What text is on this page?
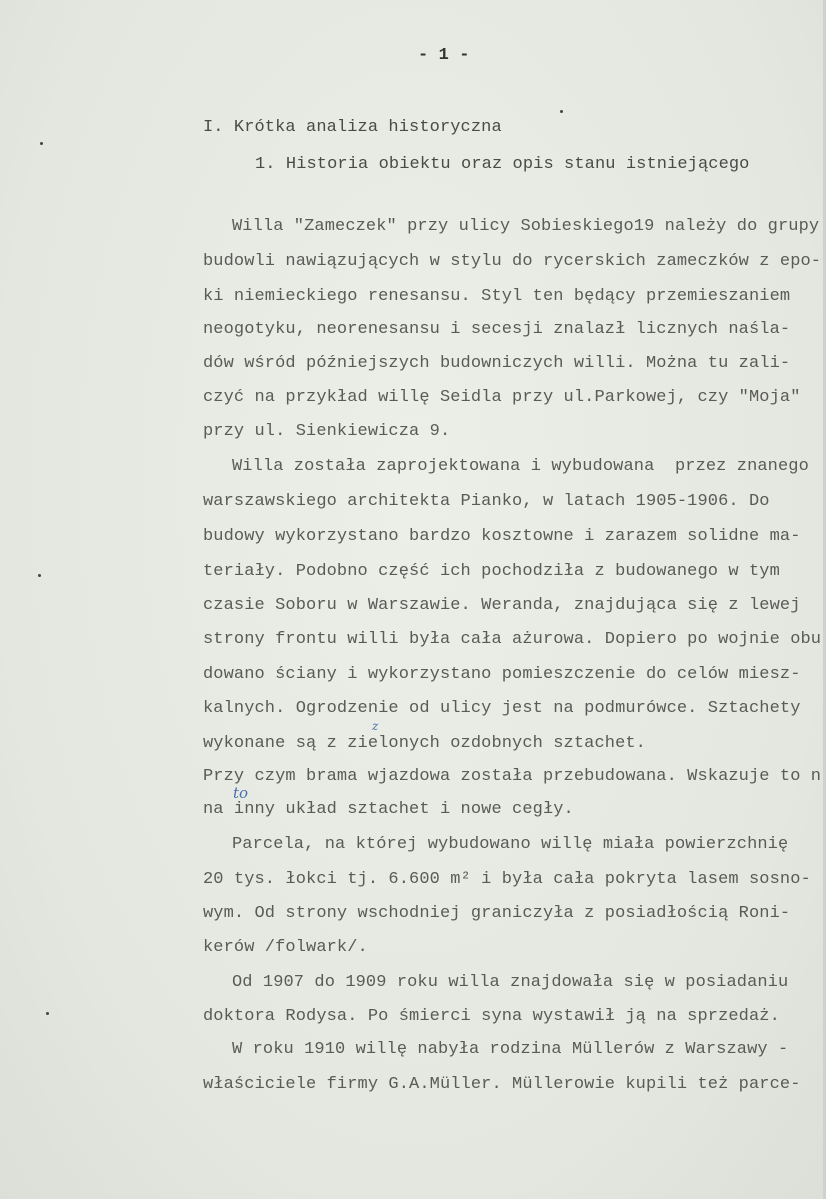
- 1 -
I. Krótka analiza historyczna
1. Historia obiektu oraz opis stanu istniejącego
Willa "Zameczek" przy ulicy Sobieskiego19 należy do grupy
budowli nawiązujących w stylu do rycerskich zameczków z epo-
ki niemieckiego renesansu. Styl ten będący przemieszaniem
neogotyku, neorenesansu i secesji znalazł licznych naśla-
dów wśród późniejszych budowniczych willi. Można tu zali-
czyć na przykład willę Seidla przy ul.Parkowej, czy "Moja"
przy ul. Sienkiewicza 9.
Willa została zaprojektowana i wybudowana  przez znanego
warszawskiego architekta Pianko, w latach 1905-1906. Do
budowy wykorzystano bardzo kosztowne i zarazem solidne ma-
teriały. Podobno część ich pochodziła z budowanego w tym
czasie Soboru w Warszawie. Weranda, znajdująca się z lewej
strony frontu willi była cała ażurowa. Dopiero po wojnie obu
dowano ściany i wykorzystano pomieszczenie do celów miesz-
kalnych. Ogrodzenie od ulicy jest na podmurówce. Sztachety
wykonane są z zielonych ozdobnych sztachet.
Przy czym brama wjazdowa została przebudowana. Wskazuje to n
na inny układ sztachet i nowe cegły.
Parcela, na której wybudowano willę miała powierzchnię
20 tys. łokci tj. 6.600 m² i była cała pokryta lasem sosno-
wym. Od strony wschodniej graniczyła z posiadłością Roni-
kerów /folwark/.
Od 1907 do 1909 roku willa znajdowała się w posiadaniu
doktora Rodysa. Po śmierci syna wystawił ją na sprzedaż.
W roku 1910 willę nabyła rodzina Müllerów z Warszawy -
właściciele firmy G.A.Müller. Müllerowie kupili też parce-
to
z
